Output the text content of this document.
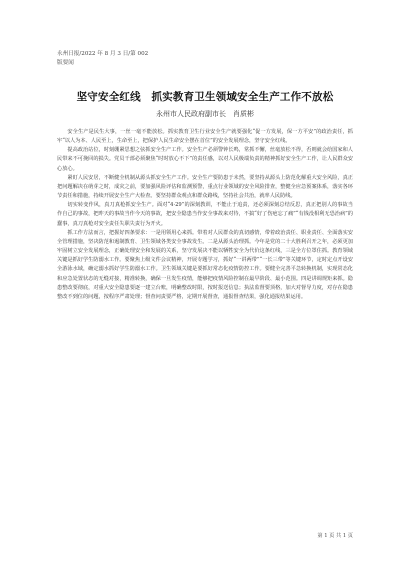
永州日报/2022 年 8 月 3 日/第 002
版要闻
坚守安全红线　抓实教育卫生领域安全生产工作不放松
永州市人民政府副市长　肖质彬

安全生产是民生大事，一丝一毫不能放松。抓实教育卫生行业安全生产就要强化“促一方发展，保一方平安”的政治责任，抓牢“以人为本、人民至上，生命至上，把保护人民生命安全摆在首位”的安全发展理念，坚守安全红线。

提高政治站位，时刻绷紧思想之弦抓安全生产工作。安全生产必须警钟长鸣，常抓不懈，丝毫放松不得，否则就会给国家和人民带来不可挽回的损失。党员干部必须聚焦“时时放心不下”的责任感，以对人民极端负责的精神抓好安全生产工作，让人民群众安心放心。

紧盯人民安居，不断健全机制从源头抓安全生产工作。安全生产要防患于未然，要坚持从源头上防范化解重大安全风险，真正把问题解决在萌芽之时，成灾之前，要加强风险评估和监测预警，重点行业领域的安全风险排查，整健全应急预案体系，落实各环节责任和措施，持续开展安全生产大检查。要坚持群众观点和群众路线，坚持社会共治，就率人民防线。

切实转变作风，真刀真枪抓安全生产。面对“4·29”的深刻教训，不能止于追责，还必须深刻总结反思，真正把别人的事故当作自己的事故，把昨天的事故当作今天的事故，把安全隐患当作安全事故来对待，不搞“好了伤疤忘了痛”“有钱没相利无恐治病”的蠢事，真刀真枪对安全责任失职失责行为开火。

抓工作方法而言，把握好四条要求：一是用领用心来抓。带着对人民群众的真切感情，带着政治责任、职业责任、全面落实安全管理措施，坚决防范和遏制教育、卫生领域各类安全事故发生。二是从源头治理抓。今年是党的二十大胜利召开之年，必须更加牢固树立安全发展理念，正确处理安全和发展的关系，坚守发展决不能以牺牲安全为代价这条红线，三是全方位罩住抓。教育领域关键是抓好学生防溺水工作。要聚焦上级文件会议精神，开展专题学习，抓好“一讲两带”“一长三带”等关键环节，定时定点开设安全游泳水域，确定溺水抓好学生防溺水工作。卫生领域关键是要抓好常态化疫情防控工作。要健全完善平急转换机制，实现常态化和应急处置状态的无缝对接，精准转换，确保一旦发生疫情，能够把疫情风险控制在最早阶段、最小范围。四是讲调规矩来抓。隐患整改要彻底，对重大安全隐患要逐一建立台账，明确整改时限，按时报送信息；执法监督要顶格，加大对督导力度，对存在隐患整改不到位的问题，按程序严肃处理；督查问责要严格，定期开展督查，通报督查结果，强化通报结果运用。

第 1 页 共 1 页
